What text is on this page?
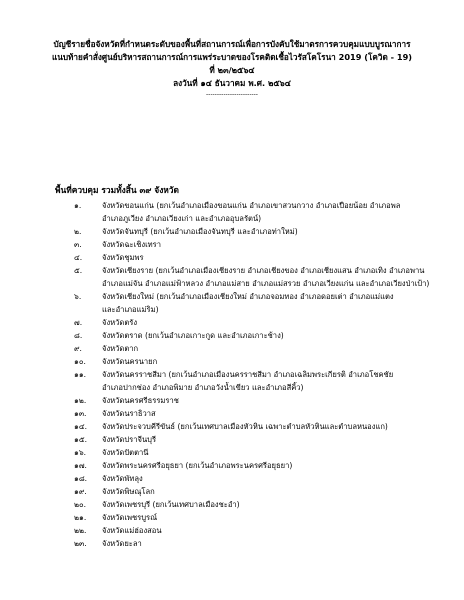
บัญชีรายชื่อจังหวัดที่กำหนดระดับของพื้นที่สถานการณ์เพื่อการบังคับใช้มาตรการควบคุมแบบบูรณาการ
แนบท้ายคำสั่งศูนย์บริหารสถานการณ์การแพร่ระบาดของโรคติดเชื้อไวรัสโคโรนา 2019 (โควิด - 19)
ที่ ๒๓/๒๕๖๔
ลงวันที่ ๑๔ ธันวาคม พ.ศ. ๒๕๖๔
------------------------
พื้นที่ควบคุม รวมทั้งสิ้น ๓๙ จังหวัด
๑.	จังหวัดขอนแก่น (ยกเว้นอำเภอเมืองขอนแก่น อำเภอเขาสวนกวาง อำเภอเปือยน้อย อำเภอพล
อำเภอภูเวียง อำเภอเวียงเก่า และอำเภออุบลรัตน์)
๒.	จังหวัดจันทบุรี (ยกเว้นอำเภอเมืองจันทบุรี และอำเภอท่าใหม่)
๓.	จังหวัดฉะเชิงเทรา
๔.	จังหวัดชุมพร
๕.	จังหวัดเชียงราย (ยกเว้นอำเภอเมืองเชียงราย อำเภอเชียงของ อำเภอเชียงแสน อำเภอเทิง อำเภอพาน
อำเภอแม่จัน อำเภอแม่ฟ้าหลวง อำเภอแม่สาย อำเภอแม่สรวย อำเภอเวียงแก่น และอำเภอเวียงป่าเป้า)
๖.	จังหวัดเชียงใหม่ (ยกเว้นอำเภอเมืองเชียงใหม่ อำเภอจอมทอง อำเภอดอยเต่า อำเภอแม่แตง
และอำเภอแม่ริม)
๗.	จังหวัดตรัง
๘.	จังหวัดตราด (ยกเว้นอำเภอเกาะกูด และอำเภอเกาะช้าง)
๙.	จังหวัดตาก
๑๐.	จังหวัดนครนายก
๑๑.	จังหวัดนครราชสีมา (ยกเว้นอำเภอเมืองนครราชสีมา อำเภอเฉลิมพระเกียรติ อำเภอโชคชัย
อำเภอปากช่อง อำเภอพิมาย อำเภอวังน้ำเขียว และอำเภอสีคิ้ว)
๑๒.	จังหวัดนครศรีธรรมราช
๑๓.	จังหวัดนราธิวาส
๑๔.	จังหวัดประจวบคีรีขันธ์ (ยกเว้นเทศบาลเมืองหัวหิน เฉพาะตำบลหัวหินและตำบลหนองแก)
๑๕.	จังหวัดปราจีนบุรี
๑๖.	จังหวัดปัตตานี
๑๗.	จังหวัดพระนครศรีอยุธยา (ยกเว้นอำเภอพระนครศรีอยุธยา)
๑๘.	จังหวัดพัทลุง
๑๙.	จังหวัดพิษณุโลก
๒๐.	จังหวัดเพชรบุรี (ยกเว้นเทศบาลเมืองชะอำ)
๒๑.	จังหวัดเพชรบูรณ์
๒๒.	จังหวัดแม่ฮ่องสอน
๒๓.	จังหวัดยะลา
